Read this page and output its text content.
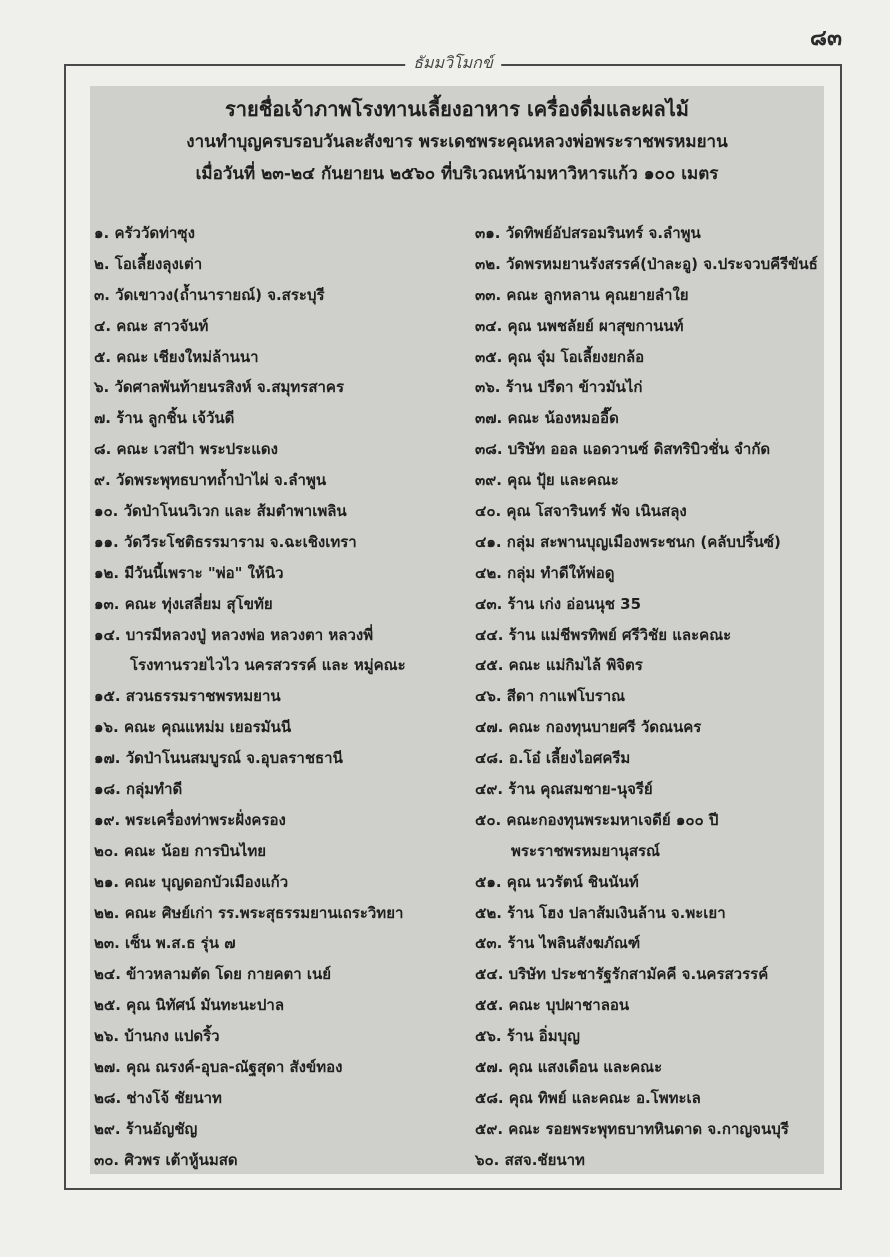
๘๓
ธัมมวิโมกข์
รายชื่อเจ้าภาพโรงทานเลี้ยงอาหาร เครื่องดื่มและผลไม้
งานทำบุญครบรอบวันละสังขาร พระเดชพระคุณหลวงพ่อพระราชพรหมยาน
เมื่อวันที่ ๒๓-๒๔ กันยายน ๒๕๖๐ ที่บริเวณหน้ามหาวิหารแก้ว ๑๐๐ เมตร
๑. ครัววัดท่าซุง
๒. โอเลี้ยงลุงเต่า
๓. วัดเขาวง(ถ้ำนารายณ์) จ.สระบุรี
๔. คณะ สาวจันท์
๕. คณะ เชียงใหม่ล้านนา
๖. วัดศาลพันท้ายนรสิงห์ จ.สมุทรสาคร
๗. ร้าน ลูกชิ้น เจ้วันดี
๘. คณะ เวสป้า พระประแดง
๙. วัดพระพุทธบาทถ้ำป่าไผ่ จ.ลำพูน
๑๐. วัดป่าโนนวิเวก และ ส้มตำพาเพลิน
๑๑. วัดวีระโชติธรรมาราม จ.ฉะเชิงเทรา
๑๒. มีวันนี้เพราะ "พ่อ" ให้นิว
๑๓. คณะ ทุ่งเสลี่ยม สุโขทัย
๑๔. บารมีหลวงปู่ หลวงพ่อ หลวงตา หลวงพี่
โรงทานรวยไวไว นครสวรรค์ และ หมู่คณะ
๑๕. สวนธรรมราชพรหมยาน
๑๖. คณะ คุณแหม่ม เยอรมันนี
๑๗. วัดป่าโนนสมบูรณ์ จ.อุบลราชธานี
๑๘. กลุ่มทำดี
๑๙. พระเครื่องท่าพระฝั่งครอง
๒๐. คณะ น้อย การบินไทย
๒๑. คณะ บุญดอกบัวเมืองแก้ว
๒๒. คณะ ศิษย์เก่า รร.พระสุธรรมยานเถระวิทยา
๒๓. เซ็น พ.ส.ธ รุ่น ๗
๒๔. ข้าวหลามตัด โดย กายคตา เนย์
๒๕. คุณ นิทัศน์ มันทะนะปาล
๒๖. บ้านกง แปดริ้ว
๒๗. คุณ ณรงค์-อุบล-ณัฐสุดา สังข์ทอง
๒๘. ช่างโจ้ ชัยนาท
๒๙. ร้านอัญชัญ
๓๐. ศิวพร เต้าหู้นมสด
๓๑. วัดทิพย์อัปสรอมรินทร์ จ.ลำพูน
๓๒. วัดพรหมยานรังสรรค์(ป่าละอู) จ.ประจวบคีรีขันธ์
๓๓. คณะ ลูกหลาน คุณยายลำใย
๓๔. คุณ นพชลัยย์ ผาสุขกานนท์
๓๕. คุณ จุ๋ม โอเลี้ยงยกล้อ
๓๖. ร้าน ปรีดา ข้าวมันไก่
๓๗. คณะ น้องหมออี๊ด
๓๘. บริษัท ออล แอดวานซ์ ดิสทริบิวชั่น จำกัด
๓๙. คุณ ปุ้ย และคณะ
๔๐. คุณ โสจารินทร์ พัจ เนินสลุง
๔๑. กลุ่ม สะพานบุญเมืองพระชนก (คลับปริ้นซ์)
๔๒. กลุ่ม ทำดีให้พ่อดู
๔๓. ร้าน เก่ง อ่อนนุช 35
๔๔. ร้าน แม่ชีพรทิพย์ ศรีวิชัย และคณะ
๔๕. คณะ แม่กิมไล้ พิจิตร
๔๖. สีดา กาแฟโบราณ
๔๗. คณะ กองทุนบายศรี วัดณนคร
๔๘. อ.โอ๋ เลี้ยงไอศครีม
๔๙. ร้าน คุณสมชาย-นุจรีย์
๕๐. คณะกองทุนพระมหาเจดีย์ ๑๐๐ ปี
พระราชพรหมยานุสรณ์
๕๑. คุณ นวรัตน์ ชินนันท์
๕๒. ร้าน โฮง ปลาส้มเงินล้าน จ.พะเยา
๕๓. ร้าน ไพลินสังฆภัณฑ์
๕๔. บริษัท ประชารัฐรักสามัคคี จ.นครสวรรค์
๕๕. คณะ บุปผาชาลอน
๕๖. ร้าน อิ่มบุญ
๕๗. คุณ แสงเดือน และคณะ
๕๘. คุณ ทิพย์ และคณะ อ.โพทะเล
๕๙. คณะ รอยพระพุทธบาทหินดาด จ.กาญจนบุรี
๖๐. สสจ.ชัยนาท
